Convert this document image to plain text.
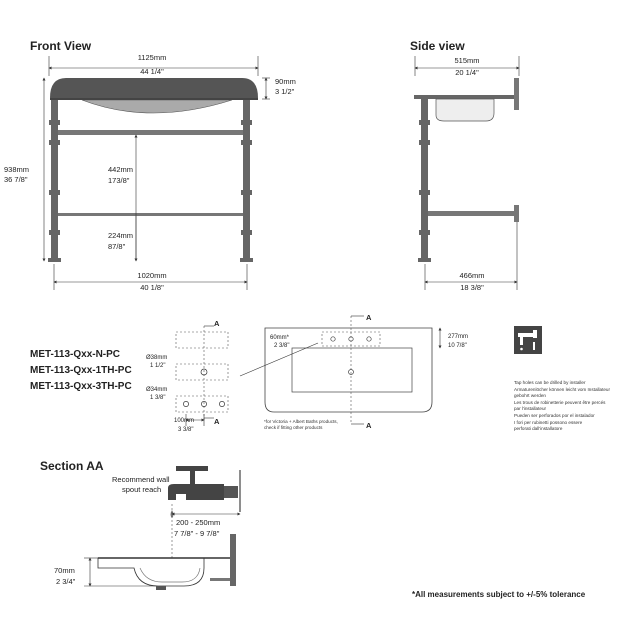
Front View
1125mm
44 1/4"
90mm
3 1/2"
938mm
36 7/8"
442mm
173/8"
224mm
87/8"
1020mm
40 1/8"
Side view
515mm
20 1/4"
466mm
18 3/8"
MET-113-Qxx-N-PC
MET-113-Qxx-1TH-PC
MET-113-Qxx-3TH-PC
A
A
Ø38mm
1 1/2"
Ø34mm
1 3/8"
100mm
3 3/8"
A
A
60mm*
2 3/8"
277mm
10 7/8"
*for Victoria + Albert Baths products,
check if fitting other products
Tap holes can be drilled by installer
Armaturenlöcher können leicht vom Installateur
gebohrt werden
Les trous de robinetterie peuvent être percés
par l'installateur
Pueden ser perforados por el instalador
I fori per rubinetti possono essere
perforati dall'installatore
Section AA
Recommend wall
spout reach
200 - 250mm
7 7/8" - 9 7/8"
70mm
2 3/4"
*All measurements subject to +/-5% tolerance
